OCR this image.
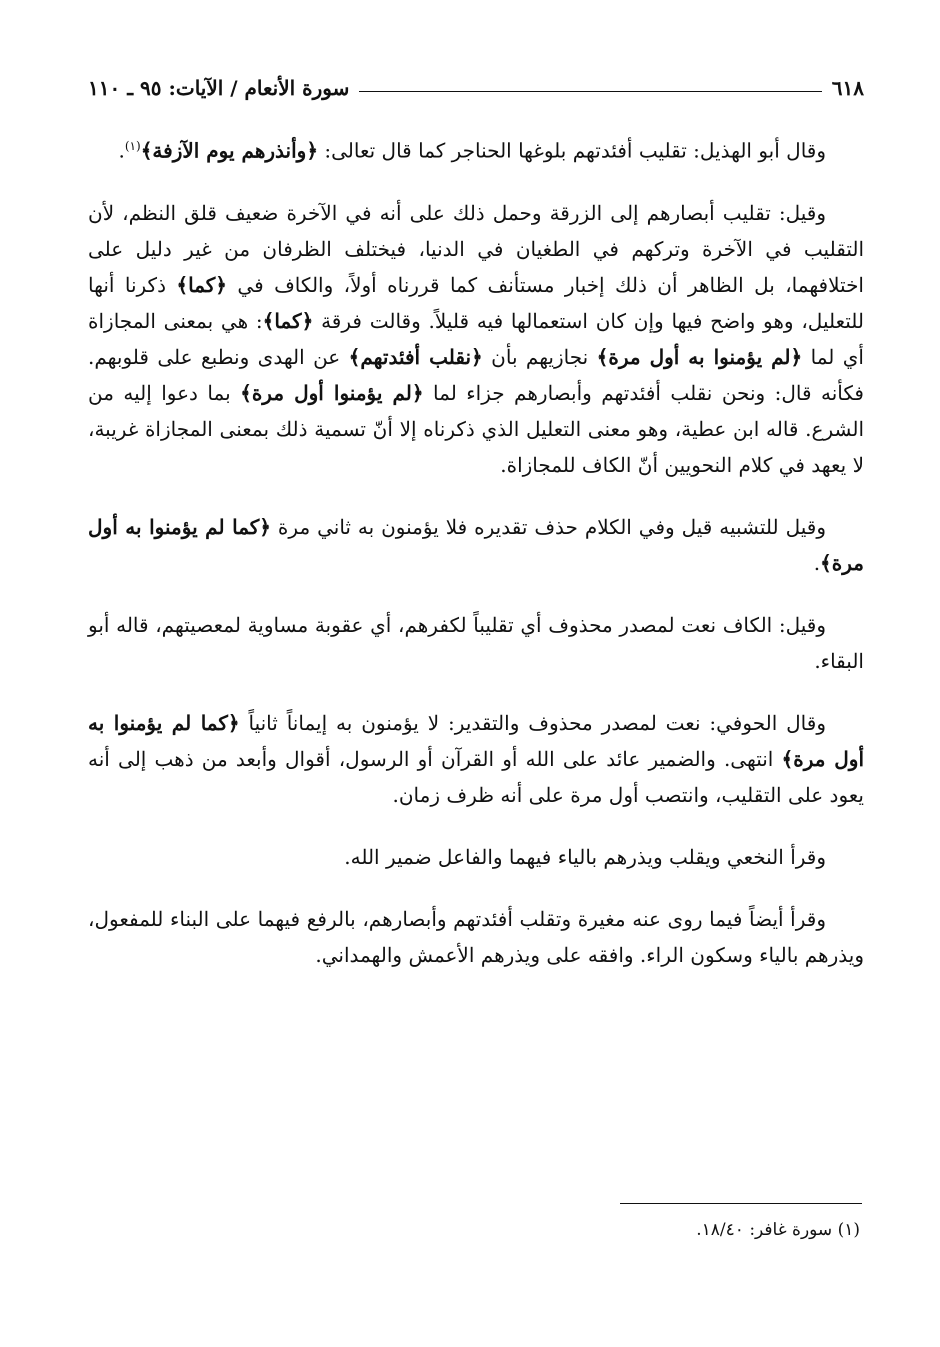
٦١٨
سورة الأنعام / الآيات: ٩٥ ـ ١١٠

وقال أبو الهذيل: تقليب أفئدتهم بلوغها الحناجر كما قال تعالى: ﴿وأنذرهم يوم الآزفة﴾$^{(١)}$.

وقيل: تقليب أبصارهم إلى الزرقة وحمل ذلك على أنه في الآخرة ضعيف قلق النظم، لأن التقليب في الآخرة وتركهم في الطغيان في الدنيا، فيختلف الظرفان من غير دليل على اختلافهما، بل الظاهر أن ذلك إخبار مستأنف كما قررناه أولاً، والكاف في ﴿كما﴾ ذكرنا أنها للتعليل، وهو واضح فيها وإن كان استعمالها فيه قليلاً. وقالت فرقة ﴿كما﴾: هي بمعنى المجازاة أي لما ﴿لم يؤمنوا به أول مرة﴾ نجازيهم بأن ﴿نقلب أفئدتهم﴾ عن الهدى ونطبع على قلوبهم. فكأنه قال: ونحن نقلب أفئدتهم وأبصارهم جزاء لما ﴿لم يؤمنوا أول مرة﴾ بما دعوا إليه من الشرع. قاله ابن عطية، وهو معنى التعليل الذي ذكرناه إلا أنّ تسمية ذلك بمعنى المجازاة غريبة، لا يعهد في كلام النحويين أنّ الكاف للمجازاة.

وقيل للتشبيه قيل وفي الكلام حذف تقديره فلا يؤمنون به ثاني مرة ﴿كما لم يؤمنوا به أول مرة﴾.

وقيل: الكاف نعت لمصدر محذوف أي تقليباً لكفرهم، أي عقوبة مساوية لمعصيتهم، قاله أبو البقاء.

وقال الحوفي: نعت لمصدر محذوف والتقدير: لا يؤمنون به إيماناً ثانياً ﴿كما لم يؤمنوا به أول مرة﴾ انتهى. والضمير عائد على الله أو القرآن أو الرسول، أقوال وأبعد من ذهب إلى أنه يعود على التقليب، وانتصب أول مرة على أنه ظرف زمان.

وقرأ النخعي ويقلب ويذرهم بالياء فيهما والفاعل ضمير الله.

وقرأ أيضاً فيما روى عنه مغيرة وتقلب أفئدتهم وأبصارهم، بالرفع فيهما على البناء للمفعول، ويذرهم بالياء وسكون الراء. وافقه على ويذرهم الأعمش والهمداني.

(١) سورة غافر: ١٨/٤٠.
